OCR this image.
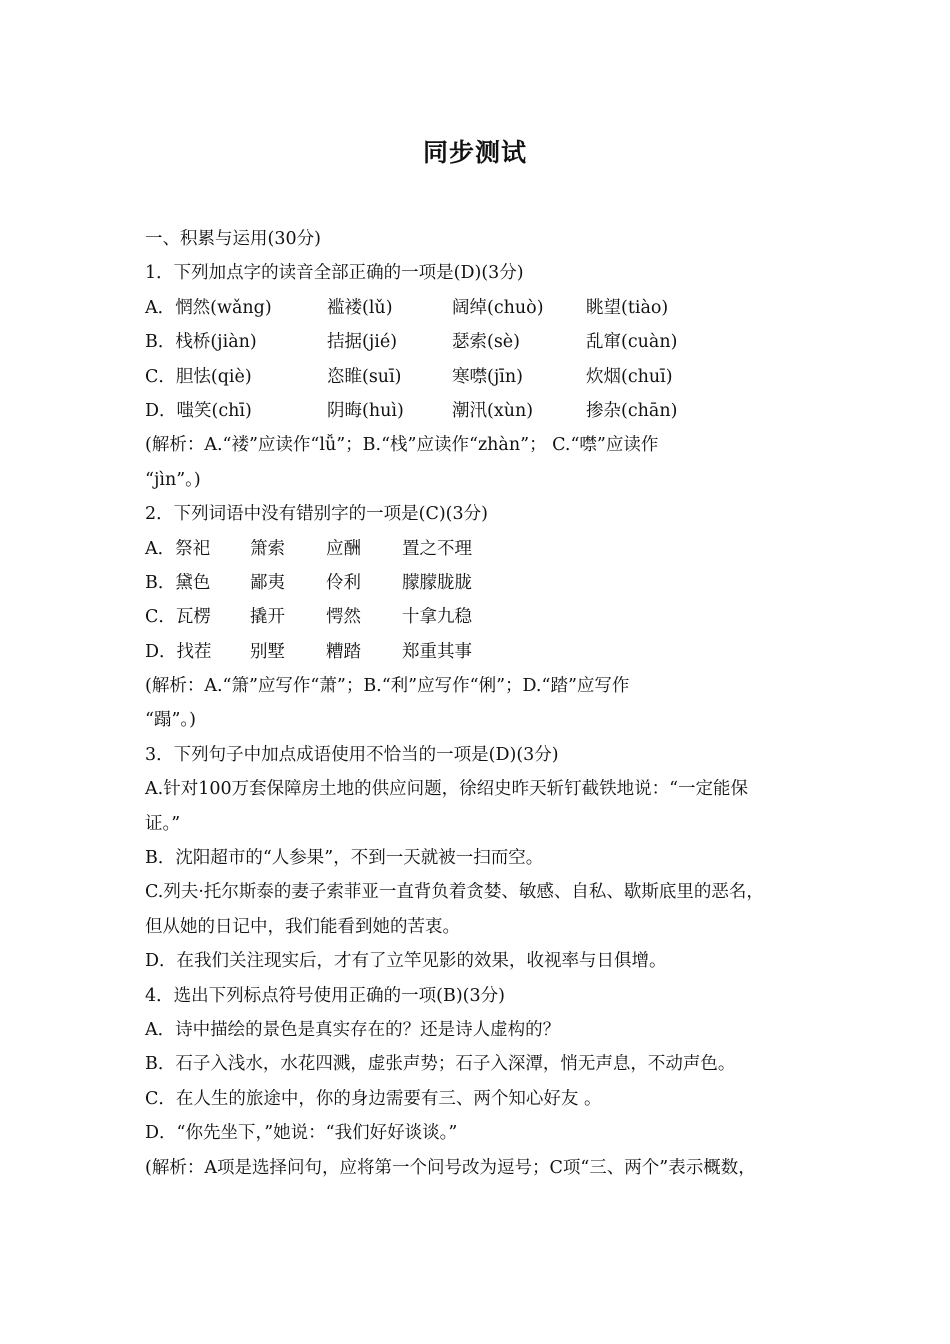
同步测试
一、积累与运用(30分)
1．下列加点字的读音全部正确的一项是(D)(3分)
A．惘然(wǎng)	褴褛(lǔ)	阔绰(chuò) 眺望(tiào)
B．栈桥(jiàn)	拮据(jié)	瑟索(sè)	乱窜(cuàn)
C．胆怯(qiè)	恣睢(suī)	寒噤(jīn)	炊烟(chuī)
D．嗤笑(chī)	阴晦(huì)	潮汛(xùn)	掺杂(chān)
(解析：A.“褛”应读作“lǚ”；B.“栈”应读作“zhàn”； C.“噤”应读作
“jìn”。)
2．下列词语中没有错别字的一项是(C)(3分)
A．祭祀 箫索 应酬 置之不理
B．黛色 鄙夷 伶利 朦朦胧胧
C．瓦楞 撬开 愕然 十拿九稳
D．找茬 别墅 糟踏 郑重其事
(解析：A.“箫”应写作“萧”；B.“利”应写作“俐”；D.“踏”应写作
“蹋”。)
3．下列句子中加点成语使用不恰当的一项是(D)(3分)
A.针对100万套保障房土地的供应问题，徐绍史昨天斩钉截铁地说：“一定能保
证。”
B．沈阳超市的“人参果”，不到一天就被一扫而空。
C.列夫·托尔斯泰的妻子索菲亚一直背负着贪婪、敏感、自私、歇斯底里的恶名，
但从她的日记中，我们能看到她的苦衷。
D．在我们关注现实后，才有了立竿见影的效果，收视率与日俱增。
4．选出下列标点符号使用正确的一项(B)(3分)
A．诗中描绘的景色是真实存在的？还是诗人虚构的？
B．石子入浅水，水花四溅，虚张声势；石子入深潭，悄无声息，不动声色。
C．在人生的旅途中，你的身边需要有三、两个知心好友 。
D．“你先坐下，”她说：“我们好好谈谈。”
(解析：A项是选择问句，应将第一个问号改为逗号；C项“三、两个”表示概数，
